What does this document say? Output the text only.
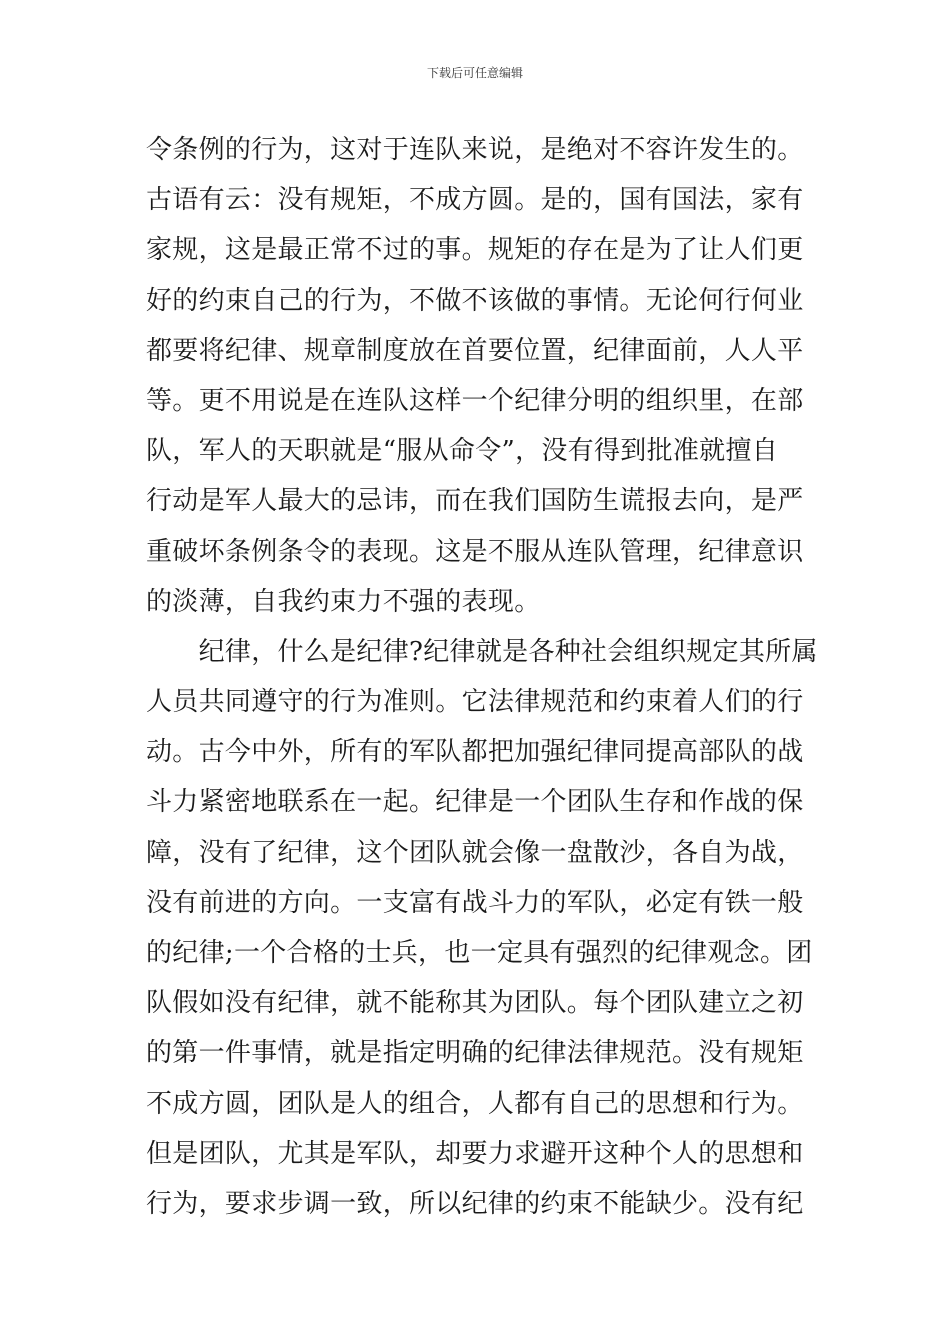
下载后可任意编辑
令条例的行为，这对于连队来说，是绝对不容许发生的。
古语有云：没有规矩，不成方圆。是的，国有国法，家有
家规，这是最正常不过的事。规矩的存在是为了让人们更
好的约束自己的行为，不做不该做的事情。无论何行何业
都要将纪律、规章制度放在首要位置，纪律面前，人人平
等。更不用说是在连队这样一个纪律分明的组织里，在部
队，军人的天职就是“服从命令”，没有得到批准就擅自
行动是军人最大的忌讳，而在我们国防生谎报去向，是严
重破坏条例条令的表现。这是不服从连队管理，纪律意识
的淡薄，自我约束力不强的表现。
　　纪律，什么是纪律?纪律就是各种社会组织规定其所属
人员共同遵守的行为准则。它法律规范和约束着人们的行
动。古今中外，所有的军队都把加强纪律同提高部队的战
斗力紧密地联系在一起。纪律是一个团队生存和作战的保
障，没有了纪律，这个团队就会像一盘散沙，各自为战，
没有前进的方向。一支富有战斗力的军队，必定有铁一般
的纪律;一个合格的士兵，也一定具有强烈的纪律观念。团
队假如没有纪律，就不能称其为团队。每个团队建立之初
的第一件事情，就是指定明确的纪律法律规范。没有规矩
不成方圆，团队是人的组合，人都有自己的思想和行为。
但是团队，尤其是军队，却要力求避开这种个人的思想和
行为，要求步调一致，所以纪律的约束不能缺少。没有纪
